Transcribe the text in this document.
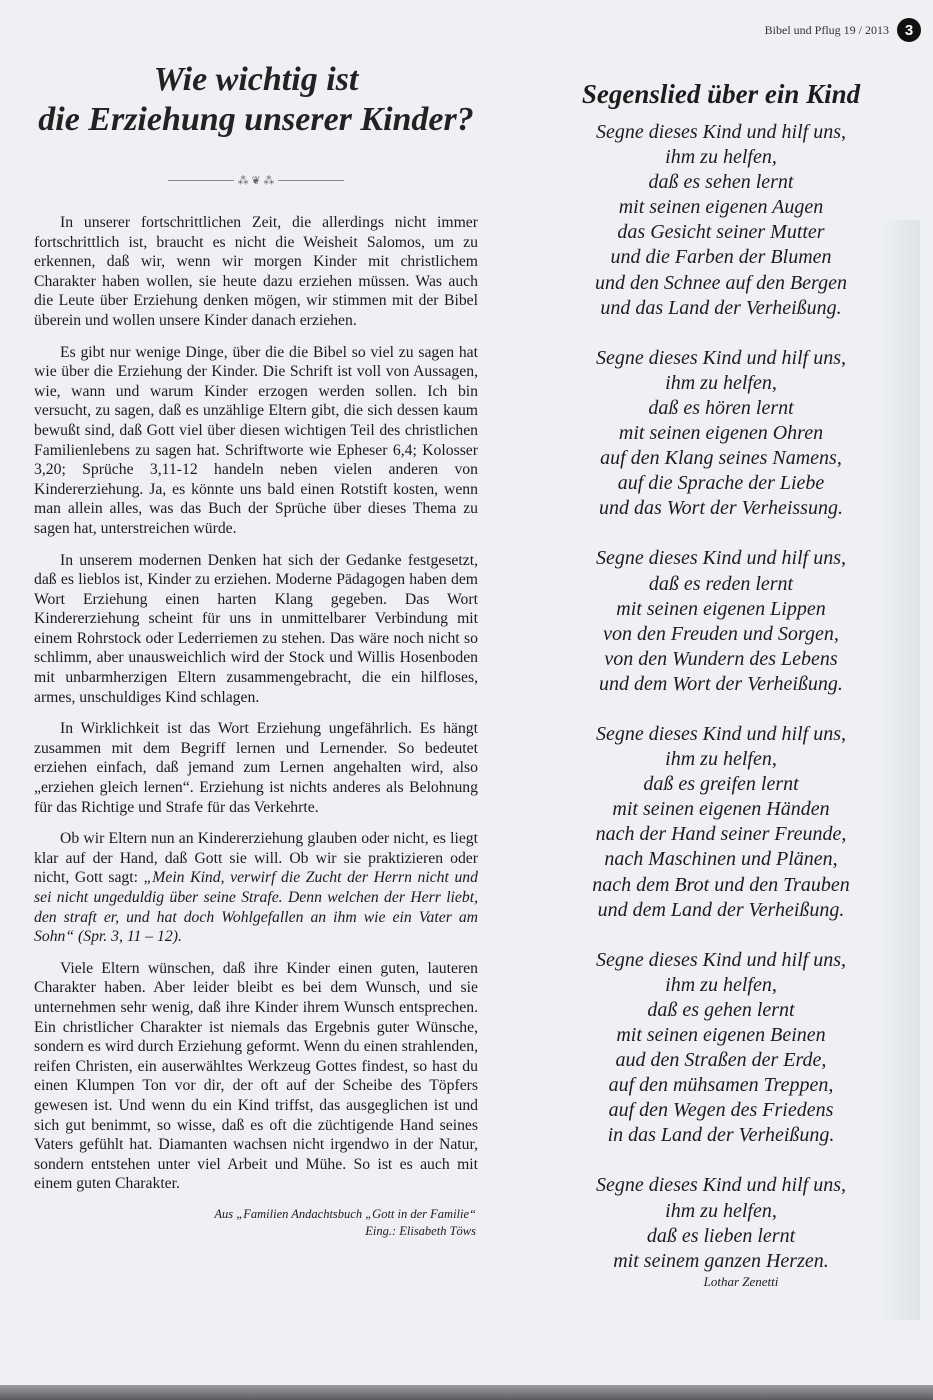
Bibel und Pflug 19 / 2013	3
Wie wichtig ist
die Erziehung unserer Kinder?
⁂ ❦ ⁂

In unserer fortschrittlichen Zeit, die allerdings nicht immer fortschrittlich ist, braucht es nicht die Weisheit Salomos, um zu erkennen, daß wir, wenn wir morgen Kinder mit christlichem Charakter haben wollen, sie heute dazu erziehen müssen. Was auch die Leute über Erziehung denken mögen, wir stimmen mit der Bibel überein und wollen unsere Kinder danach erziehen.

Es gibt nur wenige Dinge, über die die Bibel so viel zu sagen hat wie über die Erziehung der Kinder. Die Schrift ist voll von Aussagen, wie, wann und warum Kinder erzogen werden sollen. Ich bin versucht, zu sagen, daß es unzählige Eltern gibt, die sich dessen kaum bewußt sind, daß Gott viel über diesen wichtigen Teil des christlichen Familienlebens zu sagen hat. Schriftworte wie Epheser 6,4; Kolosser 3,20; Sprüche 3,11-12 handeln neben vielen anderen von Kindererziehung. Ja, es könnte uns bald einen Rotstift kosten, wenn man allein alles, was das Buch der Sprüche über dieses Thema zu sagen hat, unterstreichen würde.

In unserem modernen Denken hat sich der Gedanke festgesetzt, daß es lieblos ist, Kinder zu erziehen. Moderne Pädagogen haben dem Wort Erziehung einen harten Klang gegeben. Das Wort Kindererziehung scheint für uns in unmittelbarer Verbindung mit einem Rohrstock oder Lederriemen zu stehen. Das wäre noch nicht so schlimm, aber unausweichlich wird der Stock und Willis Hosenboden mit unbarmherzigen Eltern zusammengebracht, die ein hilfloses, armes, unschuldiges Kind schlagen.

In Wirklichkeit ist das Wort Erziehung ungefährlich. Es hängt zusammen mit dem Begriff lernen und Lernender. So bedeutet erziehen einfach, daß jemand zum Lernen angehalten wird, also „erziehen gleich lernen“. Erziehung ist nichts anderes als Belohnung für das Richtige und Strafe für das Verkehrte.

Ob wir Eltern nun an Kindererziehung glauben oder nicht, es liegt klar auf der Hand, daß Gott sie will. Ob wir sie praktizieren oder nicht, Gott sagt: „Mein Kind, verwirf die Zucht der Herrn nicht und sei nicht ungeduldig über seine Strafe. Denn welchen der Herr liebt, den straft er, und hat doch Wohlgefallen an ihm wie ein Vater am Sohn“ (Spr. 3, 11 – 12).

Viele Eltern wünschen, daß ihre Kinder einen guten, lauteren Charakter haben. Aber leider bleibt es bei dem Wunsch, und sie unternehmen sehr wenig, daß ihre Kinder ihrem Wunsch entsprechen. Ein christlicher Charakter ist niemals das Ergebnis guter Wünsche, sondern es wird durch Erziehung geformt. Wenn du einen strahlenden, reifen Christen, ein auserwähltes Werkzeug Gottes findest, so hast du einen Klumpen Ton vor dir, der oft auf der Scheibe des Töpfers gewesen ist. Und wenn du ein Kind triffst, das ausgeglichen ist und sich gut benimmt, so wisse, daß es oft die züchtigende Hand seines Vaters gefühlt hat. Diamanten wachsen nicht irgendwo in der Natur, sondern entstehen unter viel Arbeit und Mühe. So ist es auch mit einem guten Charakter.

Aus „Familien Andachtsbuch „Gott in der Familie“
Eing.: Elisabeth Töws
Segenslied über ein Kind
Segne dieses Kind und hilf uns,
ihm zu helfen,
daß es sehen lernt
mit seinen eigenen Augen
das Gesicht seiner Mutter
und die Farben der Blumen
und den Schnee auf den Bergen
und das Land der Verheißung.
Segne dieses Kind und hilf uns,
ihm zu helfen,
daß es hören lernt
mit seinen eigenen Ohren
auf den Klang seines Namens,
auf die Sprache der Liebe
und das Wort der Verheissung.
Segne dieses Kind und hilf uns,
daß es reden lernt
mit seinen eigenen Lippen
von den Freuden und Sorgen,
von den Wundern des Lebens
und dem Wort der Verheißung.
Segne dieses Kind und hilf uns,
ihm zu helfen,
daß es greifen lernt
mit seinen eigenen Händen
nach der Hand seiner Freunde,
nach Maschinen und Plänen,
nach dem Brot und den Trauben
und dem Land der Verheißung.
Segne dieses Kind und hilf uns,
ihm zu helfen,
daß es gehen lernt
mit seinen eigenen Beinen
aud den Straßen der Erde,
auf den mühsamen Treppen,
auf den Wegen des Friedens
in das Land der Verheißung.
Segne dieses Kind und hilf uns,
ihm zu helfen,
daß es lieben lernt
mit seinem ganzen Herzen.
Lothar Zenetti
